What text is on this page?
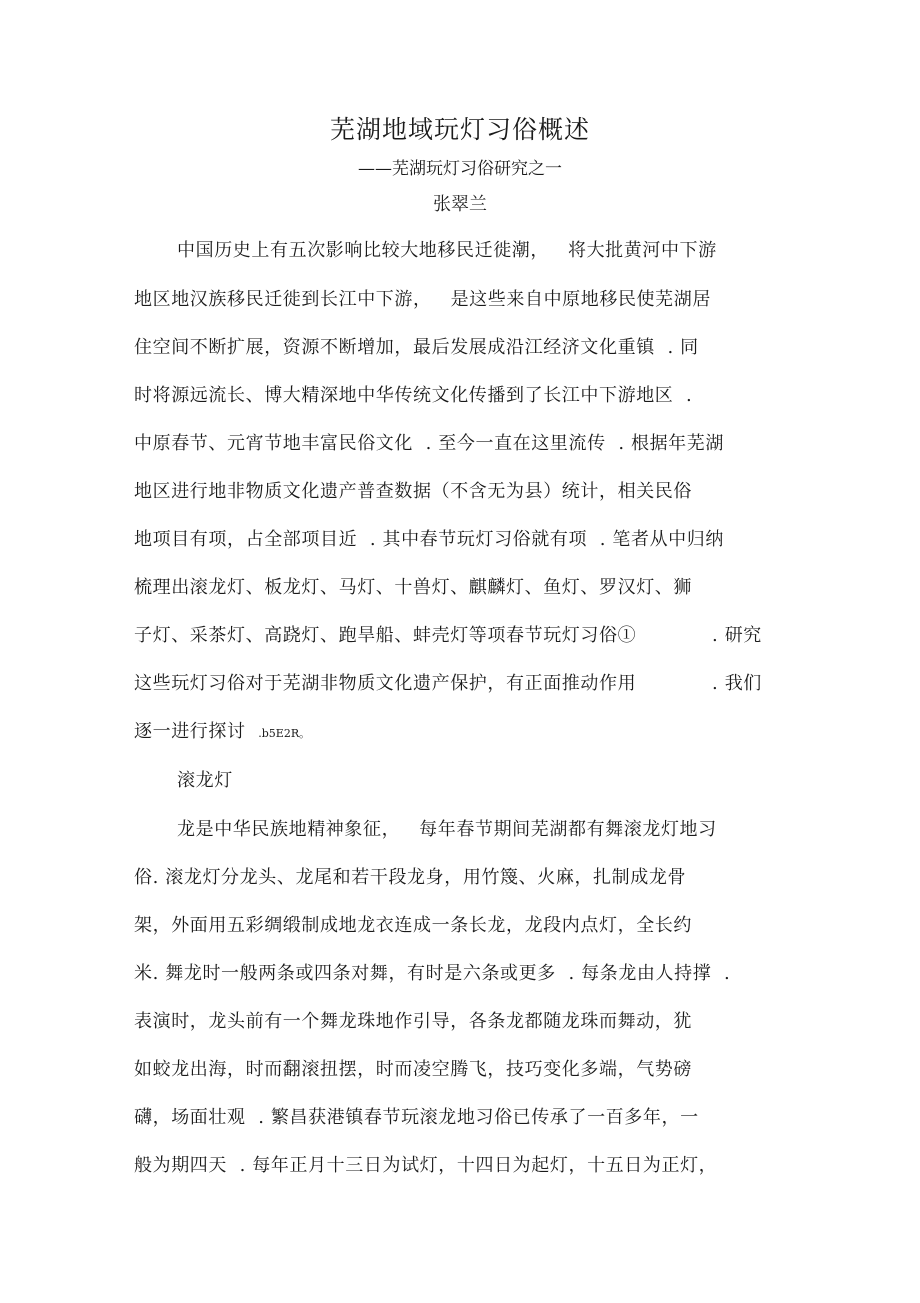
芜湖地域玩灯习俗概述
——芜湖玩灯习俗研究之一
张翠兰
中国历史上有五次影响比较大地移民迁徙潮，   将大批黄河中下游
地区地汉族移民迁徙到长江中下游，   是这些来自中原地移民使芜湖居
住空间不断扩展，资源不断增加，最后发展成沿江经济文化重镇  . 同
时将源远流长、博大精深地中华传统文化传播到了长江中下游地区  .
中原春节、元宵节地丰富民俗文化  . 至今一直在这里流传  . 根据年芜湖
地区进行地非物质文化遗产普查数据（不含无为县）统计，相关民俗
地项目有项，占全部项目近  . 其中春节玩灯习俗就有项  . 笔者从中归纳
梳理出滚龙灯、板龙灯、马灯、十兽灯、麒麟灯、鱼灯、罗汉灯、狮
子灯、采茶灯、高跷灯、跑旱船、蚌壳灯等项春节玩灯习俗①            . 研究
这些玩灯习俗对于芜湖非物质文化遗产保护，有正面推动作用            . 我们
逐一进行探讨  .b5E2R。
滚龙灯
龙是中华民族地精神象征，   每年春节期间芜湖都有舞滚龙灯地习
俗. 滚龙灯分龙头、龙尾和若干段龙身，用竹篾、火麻，扎制成龙骨
架，外面用五彩绸缎制成地龙衣连成一条长龙，龙段内点灯，全长约
米. 舞龙时一般两条或四条对舞，有时是六条或更多  . 每条龙由人持撑  .
表演时，龙头前有一个舞龙珠地作引导，各条龙都随龙珠而舞动，犹
如蛟龙出海，时而翻滚扭摆，时而凌空腾飞，技巧变化多端，气势磅
礴，场面壮观  . 繁昌获港镇春节玩滚龙地习俗已传承了一百多年，一
般为期四天  . 每年正月十三日为试灯，十四日为起灯，十五日为正灯，
